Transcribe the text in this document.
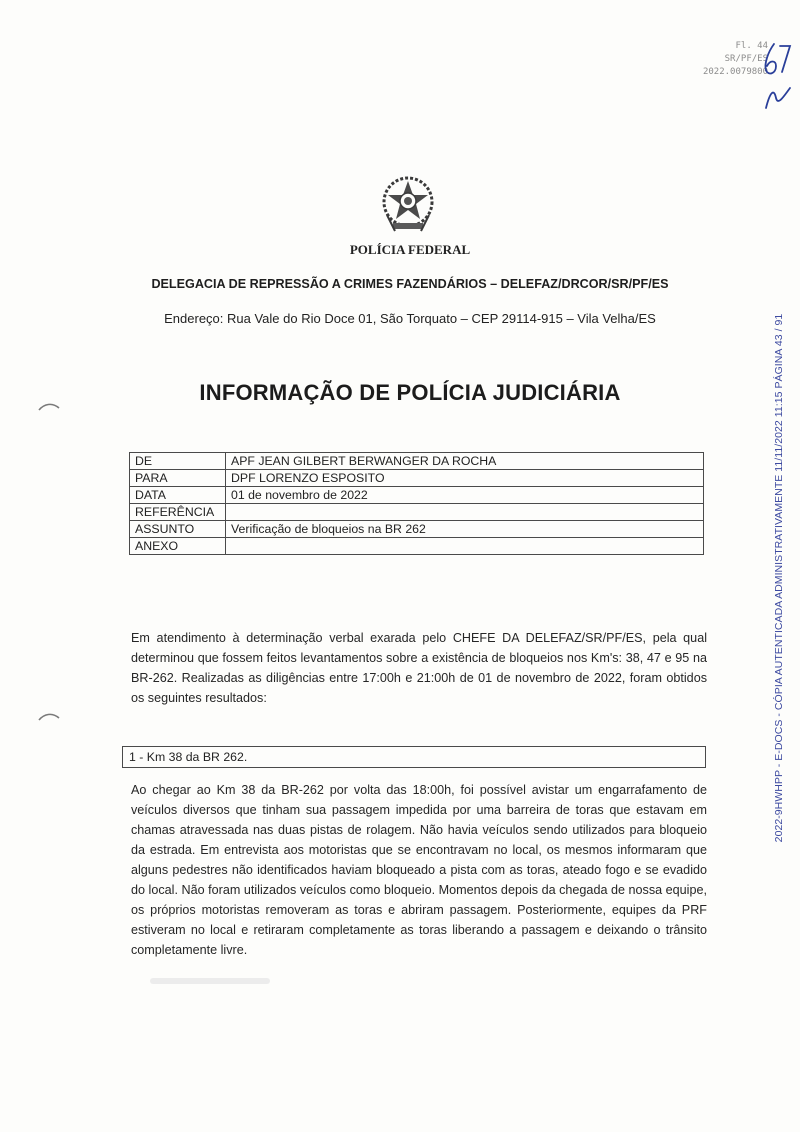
Fl. 44
SR/PF/ES
2022.0079800
2022-9HWHPP - E-DOCS - CÓPIA AUTENTICADA ADMINISTRATIVAMENTE 11/11/2022 11:15 PÁGINA 43 / 91
POLÍCIA FEDERAL
DELEGACIA DE REPRESSÃO A CRIMES FAZENDÁRIOS – DELEFAZ/DRCOR/SR/PF/ES
Endereço: Rua Vale do Rio Doce 01, São Torquato – CEP 29114-915 – Vila Velha/ES
INFORMAÇÃO DE POLÍCIA JUDICIÁRIA
DE	APF JEAN GILBERT BERWANGER DA ROCHA
PARA	DPF LORENZO ESPOSITO
DATA	01 de novembro de 2022
REFERÊNCIA	
ASSUNTO	Verificação de bloqueios na BR 262
ANEXO	

Em atendimento à determinação verbal exarada pelo CHEFE DA DELEFAZ/SR/PF/ES, pela qual determinou que fossem feitos levantamentos sobre a existência de bloqueios nos Km's: 38, 47 e 95 na BR-262. Realizadas as diligências entre 17:00h e 21:00h de 01 de novembro de 2022, foram obtidos os seguintes resultados:

1 - Km 38 da BR 262.

Ao chegar ao Km 38 da BR-262 por volta das 18:00h, foi possível avistar um engarrafamento de veículos diversos que tinham sua passagem impedida por uma barreira de toras que estavam em chamas atravessada nas duas pistas de rolagem. Não havia veículos sendo utilizados para bloqueio da estrada. Em entrevista aos motoristas que se encontravam no local, os mesmos informaram que alguns pedestres não identificados haviam bloqueado a pista com as toras, ateado fogo e se evadido do local. Não foram utilizados veículos como bloqueio. Momentos depois da chegada de nossa equipe, os próprios motoristas removeram as toras e abriram passagem. Posteriormente, equipes da PRF estiveram no local e retiraram completamente as toras liberando a passagem e deixando o trânsito completamente livre.
